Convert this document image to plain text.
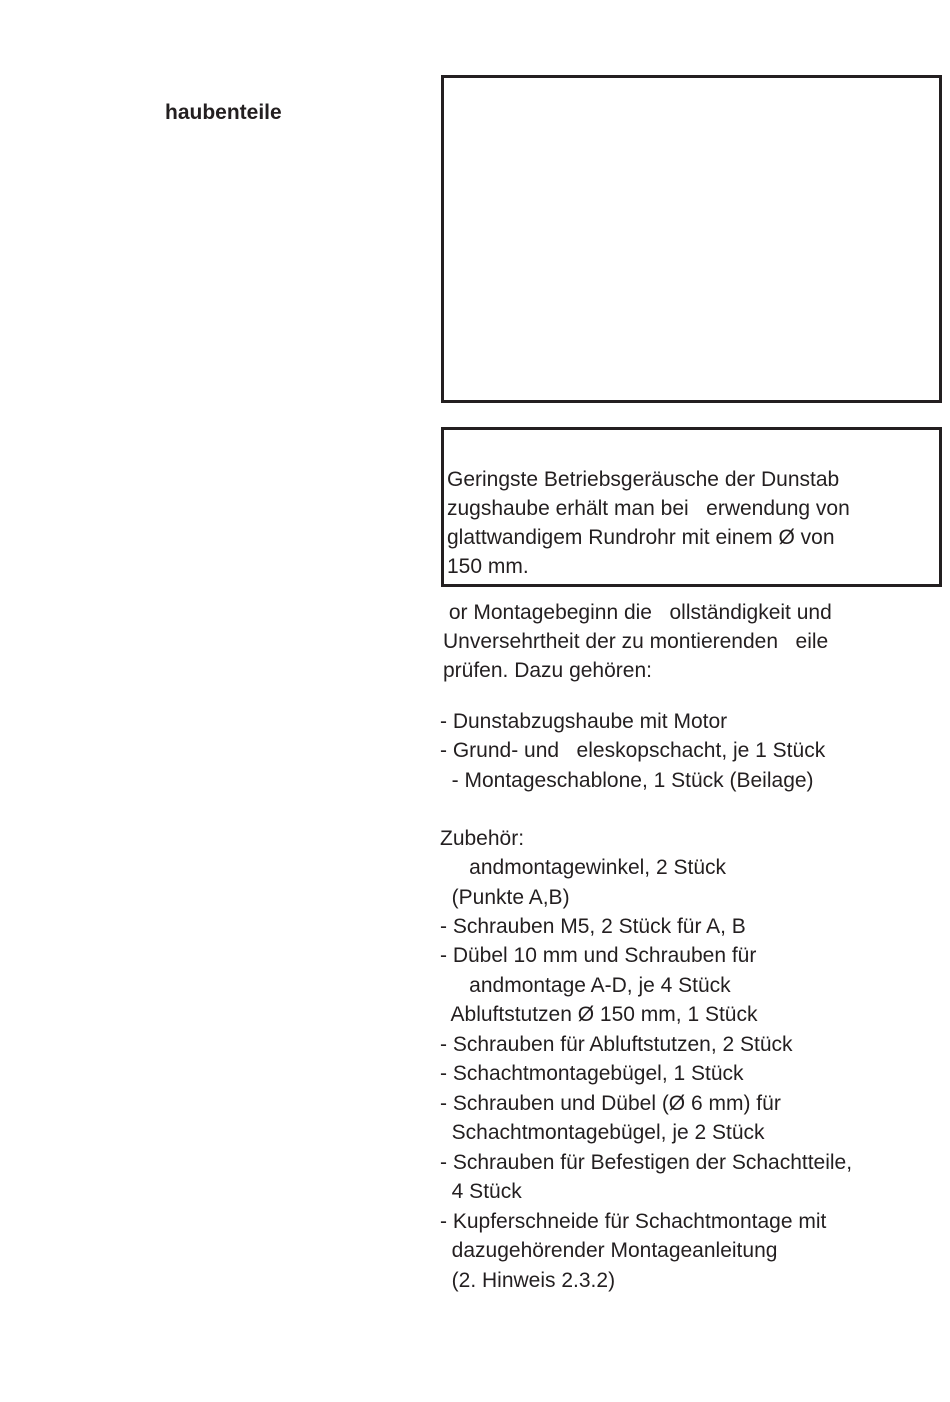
haubenteile
Geringste Betriebsgeräusche der Dunstab
zugshaube erhält man bei   erwendung von
glattwandigem Rundrohr mit einem Ø von
150 mm.
or Montagebeginn die   ollständigkeit und
Unversehrtheit der zu montierenden   eile
prüfen. Dazu gehören:
- Dunstabzugshaube mit Motor
- Grund- und   eleskopschacht, je 1 Stück
- Montageschablone, 1 Stück (Beilage)
Zubehör:
andmontagewinkel, 2 Stück
(Punkte A,B)
- Schrauben M5, 2 Stück für A, B
- Dübel 10 mm und Schrauben für
andmontage A-D, je 4 Stück
Abluftstutzen Ø 150 mm, 1 Stück
- Schrauben für Abluftstutzen, 2 Stück
- Schachtmontagebügel, 1 Stück
- Schrauben und Dübel (Ø 6 mm) für
Schachtmontagebügel, je 2 Stück
- Schrauben für Befestigen der Schachtteile,
4 Stück
- Kupferschneide für Schachtmontage mit
dazugehörender Montageanleitung
(2. Hinweis 2.3.2)
